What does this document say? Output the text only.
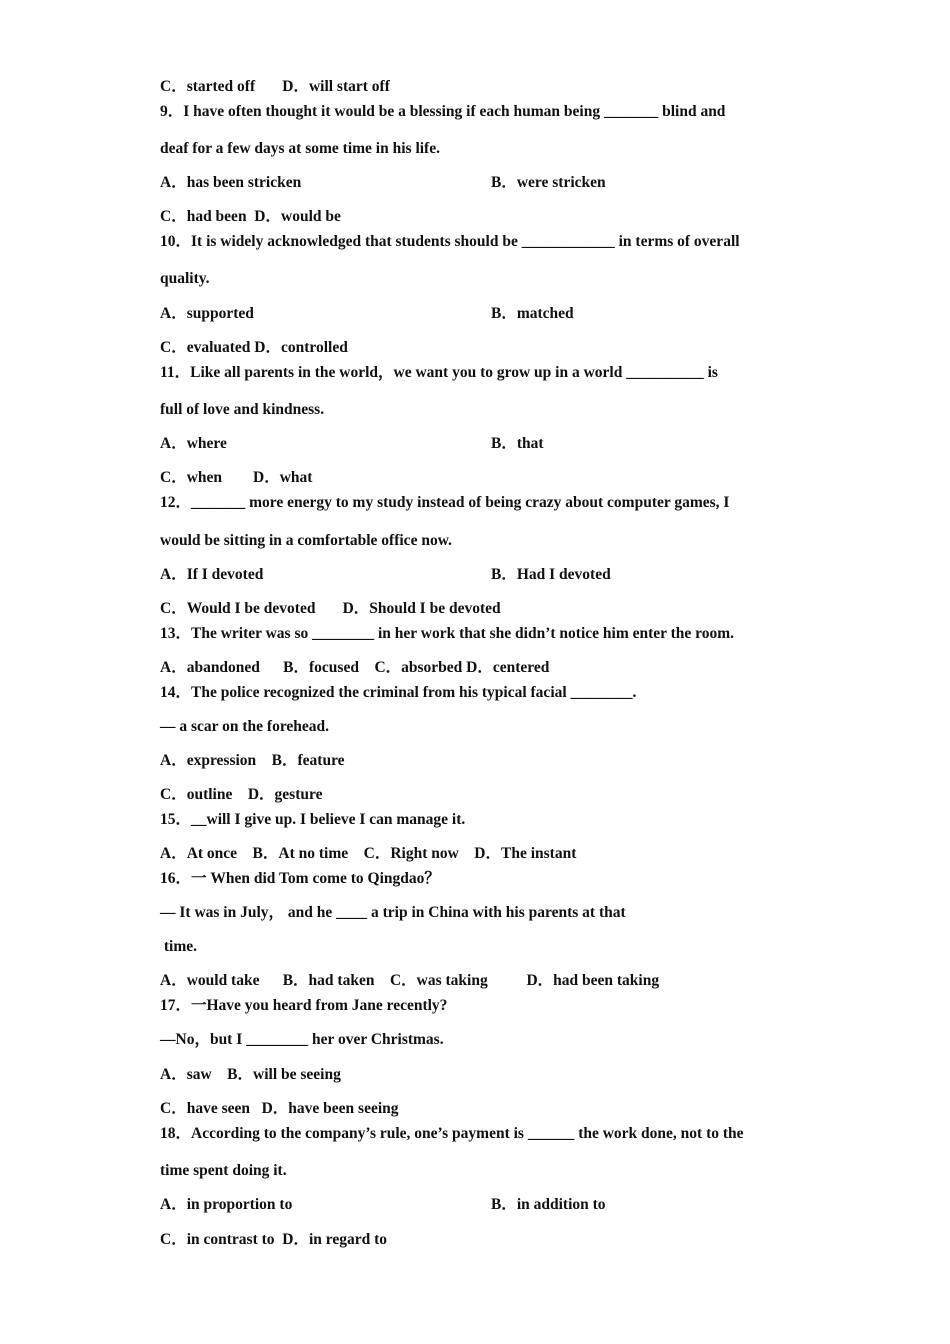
C．started off       D．will start off
9．I have often thought it would be a blessing if each human being _______ blind and
deaf for a few days at some time in his life.
A．has been stricken	B．were stricken
C．had been  D．would be
10．It is widely acknowledged that students should be ____________ in terms of overall
quality.
A．supported	B．matched
C．evaluated D．controlled
11．Like all parents in the world，we want you to grow up in a world __________ is
full of love and kindness.
A．where	B．that
C．when        D．what
12．_______ more energy to my study instead of being crazy about computer games, I
would be sitting in a comfortable office now.
A．If I devoted	B．Had I devoted
C．Would I be devoted       D．Should I be devoted
13．The writer was so ________ in her work that she didn’t notice him enter the room.
A．abandoned      B．focused    C．absorbed D．centered
14．The police recognized the criminal from his typical facial ________.
— a scar on the forehead.
A．expression    B．feature
C．outline    D．gesture
15．__will I give up. I believe I can manage it.
A．At once    B．At no time    C．Right now    D．The instant
16．一 When did Tom come to Qingdao？
— It was in July， and he ____ a trip in China with his parents at that
time.
A．would take      B．had taken    C．was taking          D．had been taking
17．一Have you heard from Jane recently?
—No，but I ________ her over Christmas.
A．saw    B．will be seeing
C．have seen   D．have been seeing
18．According to the company’s rule, one’s payment is ______ the work done, not to the
time spent doing it.
A．in proportion to	B．in addition to
C．in contrast to  D．in regard to
